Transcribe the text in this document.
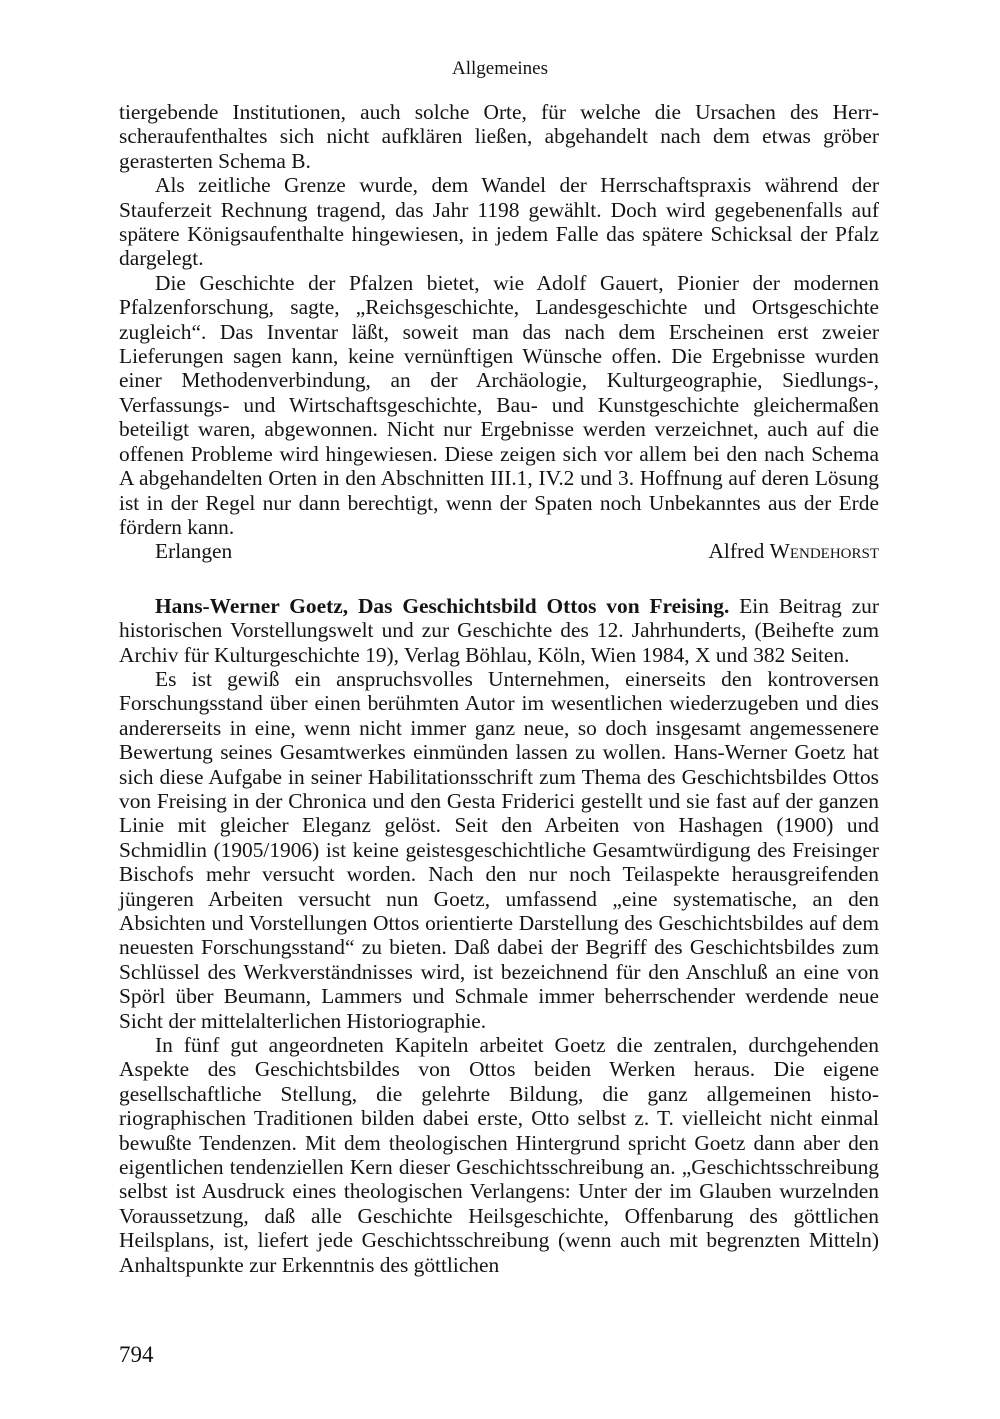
Allgemeines

tiergebende Institutionen, auch solche Orte, für welche die Ursachen des Herrscheraufenthaltes sich nicht aufklären ließen, abgehandelt nach dem etwas gröber gerasterten Schema B.

Als zeitliche Grenze wurde, dem Wandel der Herrschaftspraxis während der Stauferzeit Rechnung tragend, das Jahr 1198 gewählt. Doch wird gegebenenfalls auf spätere Königsaufenthalte hingewiesen, in jedem Falle das spätere Schicksal der Pfalz dargelegt.

Die Geschichte der Pfalzen bietet, wie Adolf Gauert, Pionier der modernen Pfalzenforschung, sagte, „Reichsgeschichte, Landesgeschichte und Ortsgeschichte zugleich“. Das Inventar läßt, soweit man das nach dem Erscheinen erst zweier Lieferungen sagen kann, keine vernünftigen Wünsche offen. Die Ergebnisse wurden einer Methodenverbindung, an der Archäologie, Kulturgeographie, Siedlungs-, Verfassungs- und Wirtschaftsgeschichte, Bau- und Kunstgeschichte gleichermaßen beteiligt waren, abgewonnen. Nicht nur Ergebnisse werden verzeichnet, auch auf die offenen Probleme wird hingewiesen. Diese zeigen sich vor allem bei den nach Schema A abgehandelten Orten in den Abschnitten III.1, IV.2 und 3. Hoffnung auf deren Lösung ist in der Regel nur dann berechtigt, wenn der Spaten noch Unbekanntes aus der Erde fördern kann.

Erlangen	Alfred Wendehorst

Hans-Werner Goetz, Das Geschichtsbild Ottos von Freising. Ein Beitrag zur historischen Vorstellungswelt und zur Geschichte des 12. Jahrhunderts, (Beihefte zum Archiv für Kulturgeschichte 19), Verlag Böhlau, Köln, Wien 1984, X und 382 Seiten.

Es ist gewiß ein anspruchsvolles Unternehmen, einerseits den kontroversen Forschungsstand über einen berühmten Autor im wesentlichen wiederzugeben und dies andererseits in eine, wenn nicht immer ganz neue, so doch insgesamt angemessenere Bewertung seines Gesamtwerkes einmünden lassen zu wollen. Hans-Werner Goetz hat sich diese Aufgabe in seiner Habilitationsschrift zum Thema des Geschichtsbildes Ottos von Freising in der Chronica und den Gesta Friderici gestellt und sie fast auf der ganzen Linie mit gleicher Eleganz gelöst. Seit den Arbeiten von Hashagen (1900) und Schmidlin (1905/1906) ist keine geistesgeschichtliche Gesamtwürdigung des Freisinger Bischofs mehr versucht worden. Nach den nur noch Teilaspekte herausgreifenden jüngeren Arbeiten versucht nun Goetz, umfassend „eine systematische, an den Absichten und Vorstellungen Ottos orientierte Darstellung des Geschichtsbildes auf dem neuesten Forschungsstand“ zu bieten. Daß dabei der Begriff des Geschichtsbildes zum Schlüssel des Werkverständnisses wird, ist bezeichnend für den Anschluß an eine von Spörl über Beumann, Lammers und Schmale immer beherrschender werdende neue Sicht der mittelalterlichen Historiographie.

In fünf gut angeordneten Kapiteln arbeitet Goetz die zentralen, durchgehenden Aspekte des Geschichtsbildes von Ottos beiden Werken heraus. Die eigene gesellschaftliche Stellung, die gelehrte Bildung, die ganz allgemeinen historiographischen Traditionen bilden dabei erste, Otto selbst z. T. vielleicht nicht einmal bewußte Tendenzen. Mit dem theologischen Hintergrund spricht Goetz dann aber den eigentlichen tendenziellen Kern dieser Geschichtsschreibung an. „Geschichtsschreibung selbst ist Ausdruck eines theologischen Verlangens: Unter der im Glauben wurzelnden Voraussetzung, daß alle Geschichte Heilsgeschichte, Offenbarung des göttlichen Heilsplans, ist, liefert jede Geschichtsschreibung (wenn auch mit begrenzten Mitteln) Anhaltspunkte zur Erkenntnis des göttlichen

794
